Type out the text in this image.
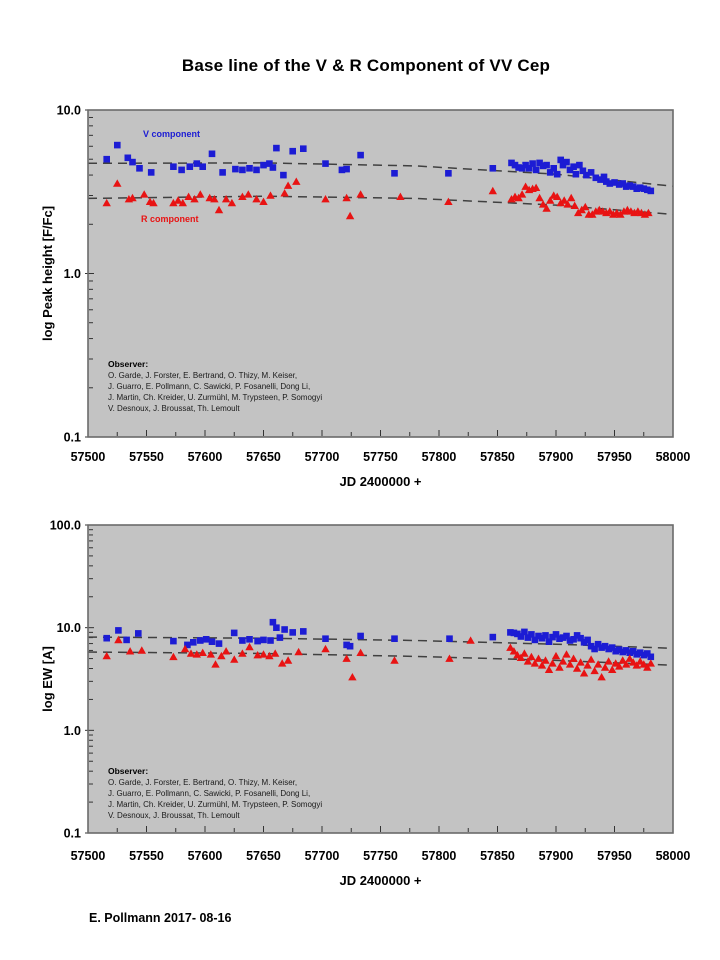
57500 57550 57600 57650 57700 57750 57800 57850 57900 57950 58000
10.0
1.0
0.1
JD 2400000 +
log Peak height [F/Fc]
57500 57550 57600 57650 57700 57750 57800 57850 57900 57950 58000
100.0
10.0
1.0
0.1
JD 2400000 +
log EW [A]
Base line of the V & R Component of VV Cep
V component
R component
Observer:
O. Garde, J. Forster, E. Bertrand, O. Thizy, M. Keiser,
J. Guarro, E. Pollmann, C. Sawicki, P. Fosanelli, Dong Li,
J. Martin, Ch. Kreider, U. Zurmühl, M. Trypsteen, P. Somogyi
V. Desnoux, J. Broussat, Th. Lemoult
Observer:
O. Garde, J. Forster, E. Bertrand, O. Thizy, M. Keiser,
J. Guarro, E. Pollmann, C. Sawicki, P. Fosanelli, Dong Li,
J. Martin, Ch. Kreider, U. Zurmühl, M. Trypsteen, P. Somogyi
V. Desnoux, J. Broussat, Th. Lemoult
E. Pollmann 2017- 08-16
